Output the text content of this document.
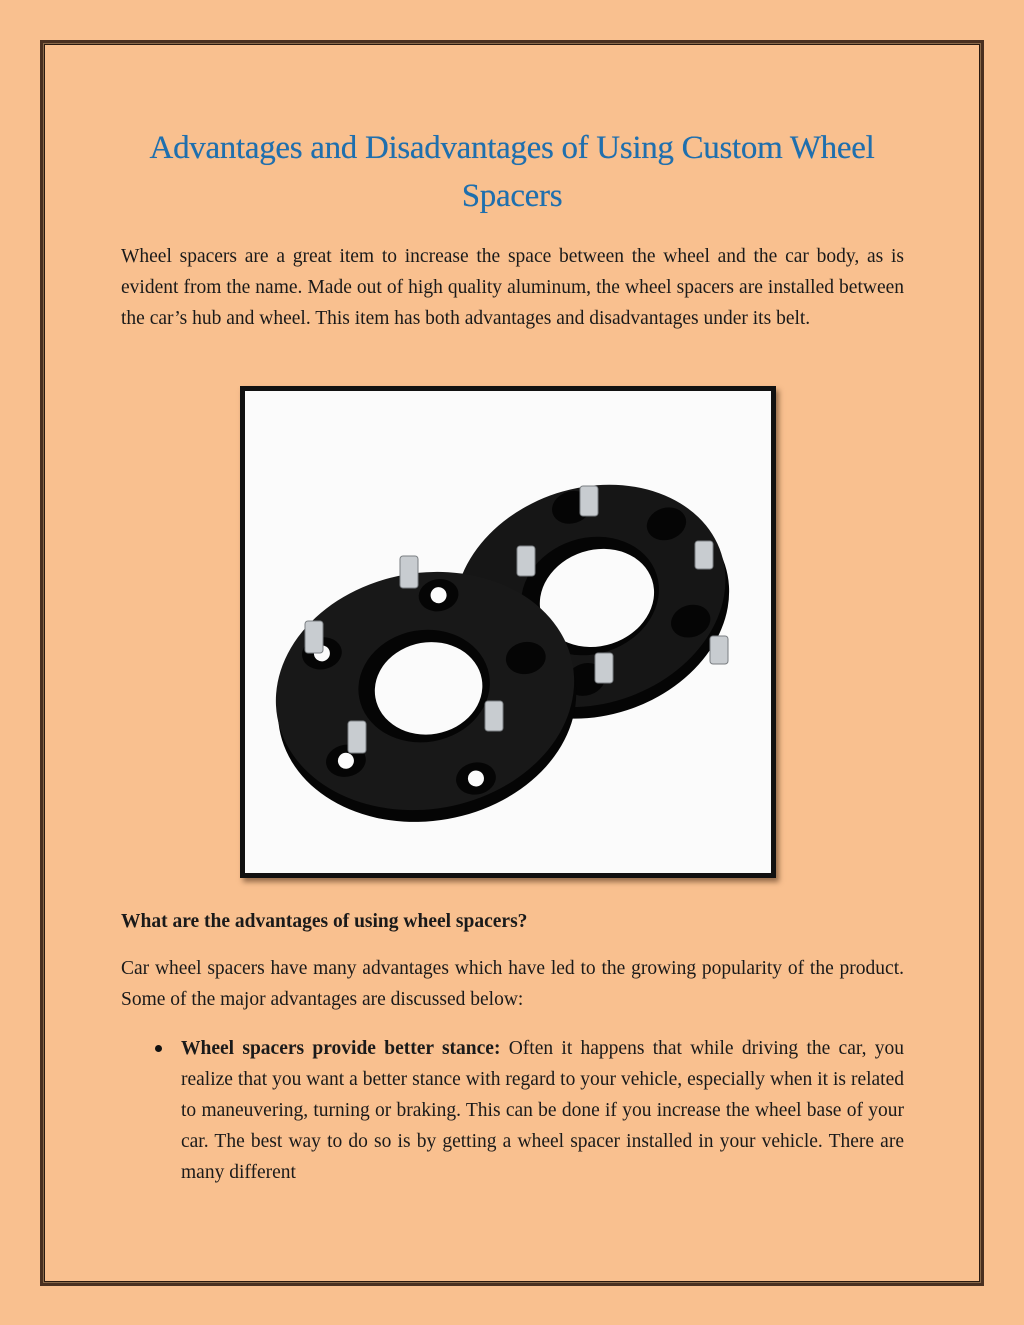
Advantages and Disadvantages of Using Custom Wheel Spacers

Wheel spacers are a great item to increase the space between the wheel and the car body, as is evident from the name. Made out of high quality aluminum, the wheel spacers are installed between the car’s hub and wheel. This item has both advantages and disadvantages under its belt.

What are the advantages of using wheel spacers?

Car wheel spacers have many advantages which have led to the growing popularity of the product. Some of the major advantages are discussed below:

Wheel spacers provide better stance: Often it happens that while driving the car, you realize that you want a better stance with regard to your vehicle, especially when it is related to maneuvering, turning or braking. This can be done if you increase the wheel base of your car. The best way to do so is by getting a wheel spacer installed in your vehicle. There are many different
